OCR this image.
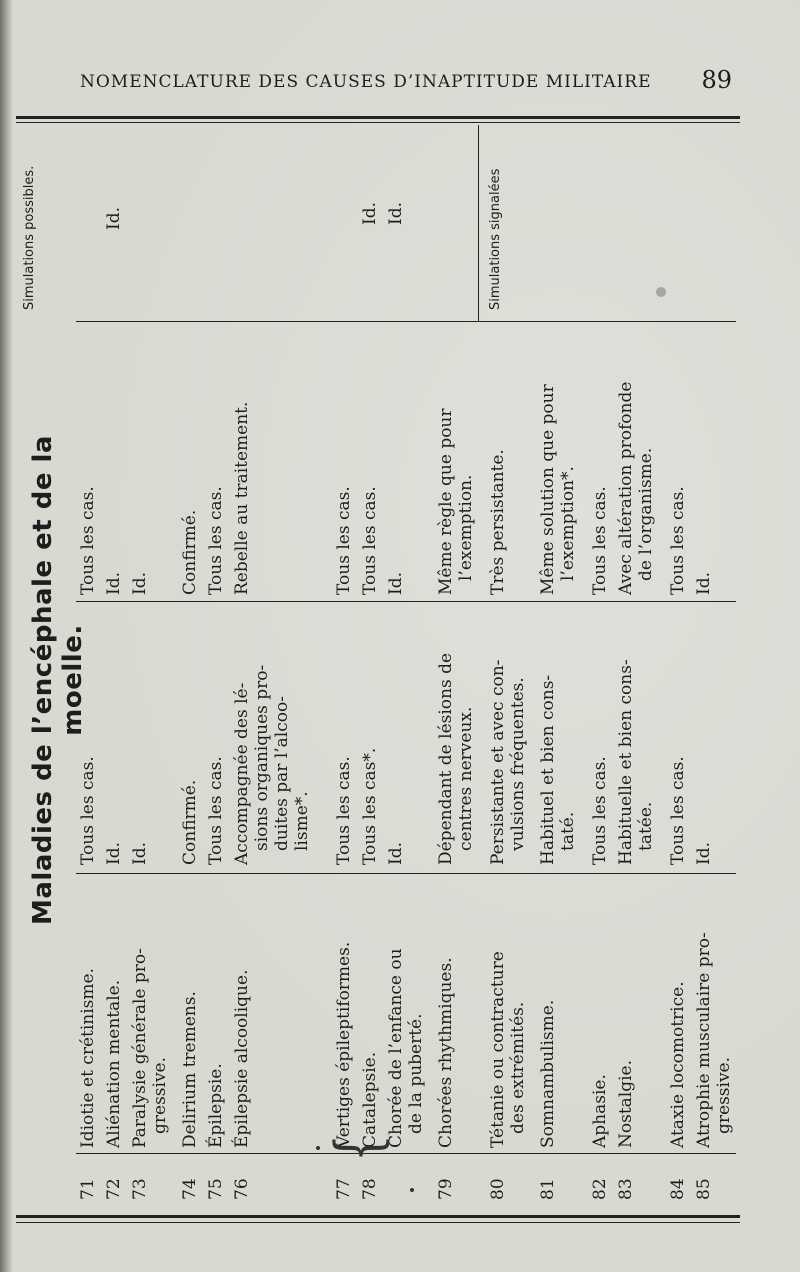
NOMENCLATURE DES CAUSES D’INAPTITUDE MILITAIRE 89
Maladies de l’encéphale et de la moelle.
Simulations possibles.	Simulations signalées
71
Idiotie et crétinisme.
Tous les cas.
Tous les cas.
72
Aliénation mentale.
Id.
Id.
Id.
73
Paralysie générale pro- gressive.
Id.
Id.
74
Delirium tremens.
Confirmé.
Confirmé.
75
Épilepsie.
Tous les cas.
Tous les cas.
76
Épilepsie alcoolique.
Accompagnée des lé- sions organiques pro- duites par l’alcoo- lisme*.
Rebelle au traitement.
77
Vertiges épileptiformes.
Tous les cas.
Tous les cas.
78
Catalepsie.
Tous les cas*.
Tous les cas.
Id.
Chorée de l’enfance ou de la puberté.
Id.
Id.
Id.
79
Chorées rhythmiques.
Dépendant de lésions de centres nerveux.
Même règle que pour l’exemption.
80
Tétanie ou contracture des extrémités.
Persistante et avec con- vulsions fréquentes.
Très persistante.
81
Somnambulisme.
Habituel et bien cons- taté.
Même solution que pour l’exemption*.
82
Aphasie.
Tous les cas.
Tous les cas.
83
Nostalgie.
Habituelle et bien cons- tatée.
Avec altération profonde de l’organisme.
84
Ataxie locomotrice.
Tous les cas.
Tous les cas.
85
Atrophie musculaire pro- gressive.
Id.
Id.
{
